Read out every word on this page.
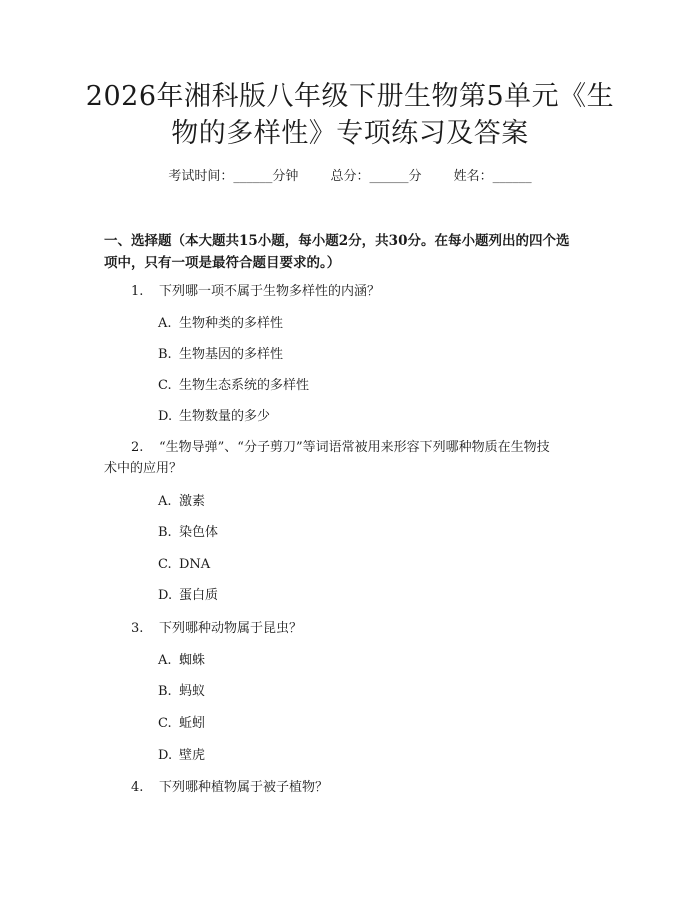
2026年湘科版八年级下册生物第5单元《生
物的多样性》专项练习及答案
考试时间：______分钟 总分：______分 姓名：______
一、选择题（本大题共15小题，每小题2分，共30分。在每小题列出的四个选
项中，只有一项是最符合题目要求的。）
1. 下列哪一项不属于生物多样性的内涵？
A. 生物种类的多样性
B. 生物基因的多样性
C. 生物生态系统的多样性
D. 生物数量的多少
2. “生物导弹”、“分子剪刀”等词语常被用来形容下列哪种物质在生物技
术中的应用？
A. 激素
B. 染色体
C. DNA
D. 蛋白质
3. 下列哪种动物属于昆虫？
A. 蜘蛛
B. 蚂蚁
C. 蚯蚓
D. 壁虎
4. 下列哪种植物属于被子植物？
